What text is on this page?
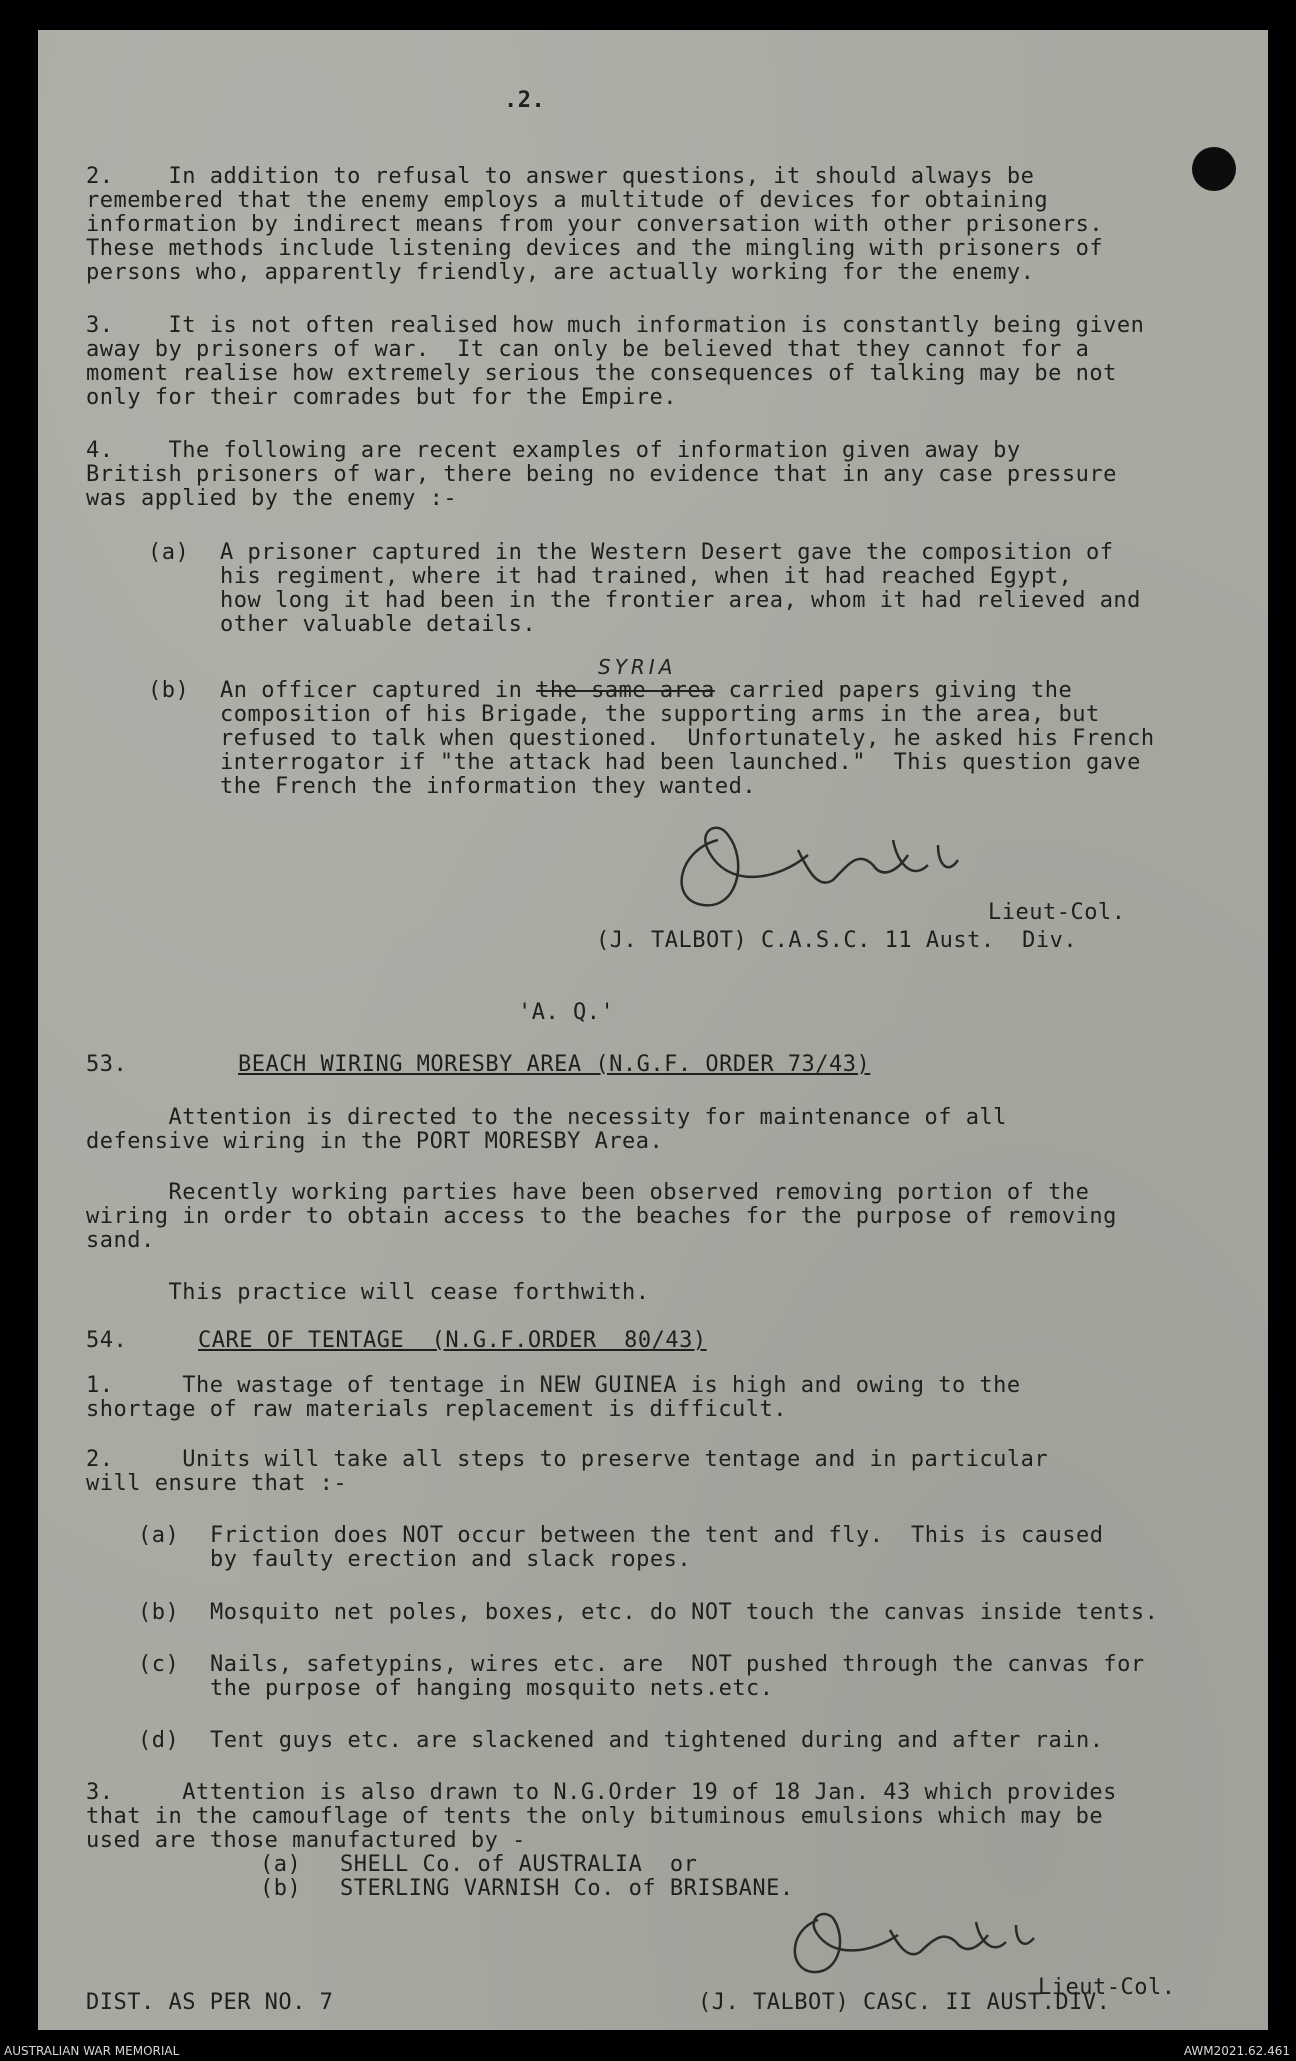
.2.
2.    In addition to refusal to answer questions, it should always be
remembered that the enemy employs a multitude of devices for obtaining
information by indirect means from your conversation with other prisoners.
These methods include listening devices and the mingling with prisoners of
persons who, apparently friendly, are actually working for the enemy.
3.    It is not often realised how much information is constantly being given
away by prisoners of war.  It can only be believed that they cannot for a
moment realise how extremely serious the consequences of talking may be not
only for their comrades but for the Empire.
4.    The following are recent examples of information given away by
British prisoners of war, there being no evidence that in any case pressure
was applied by the enemy :-
(a) A prisoner captured in the Western Desert gave the composition of
his regiment, where it had trained, when it had reached Egypt,
how long it had been in the frontier area, whom it had relieved and
other valuable details.
SYRIA
(b) An officer captured in the same area carried papers giving the
composition of his Brigade, the supporting arms in the area, but
refused to talk when questioned.  Unfortunately, he asked his French
interrogator if "the attack had been launched."  This question gave
the French the information they wanted.
Lieut-Col.
(J. TALBOT) C.A.S.C. 11 Aust.  Div.
'A. Q.'
53.	BEACH WIRING MORESBY AREA (N.G.F. ORDER 73/43)
Attention is directed to the necessity for maintenance of all
defensive wiring in the PORT MORESBY Area.
Recently working parties have been observed removing portion of the
wiring in order to obtain access to the beaches for the purpose of removing
sand.
This practice will cease forthwith.
54.	CARE OF TENTAGE  (N.G.F.ORDER  80/43)
1.     The wastage of tentage in NEW GUINEA is high and owing to the
shortage of raw materials replacement is difficult.
2.     Units will take all steps to preserve tentage and in particular
will ensure that :-
(a) Friction does NOT occur between the tent and fly.  This is caused
by faulty erection and slack ropes.
(b) Mosquito net poles, boxes, etc. do NOT touch the canvas inside tents.
(c) Nails, safetypins, wires etc. are  NOT pushed through the canvas for
the purpose of hanging mosquito nets.etc.
(d) Tent guys etc. are slackened and tightened during and after rain.
3.     Attention is also drawn to N.G.Order 19 of 18 Jan. 43 which provides
that in the camouflage of tents the only bituminous emulsions which may be
used are those manufactured by -
(a) SHELL Co. of AUSTRALIA  or
(b) STERLING VARNISH Co. of BRISBANE.
Lieut-Col.
DIST. AS PER NO. 7	(J. TALBOT) CASC. II AUST.DIV.
AUSTRALIAN WAR MEMORIAL	AWM2021.62.461
